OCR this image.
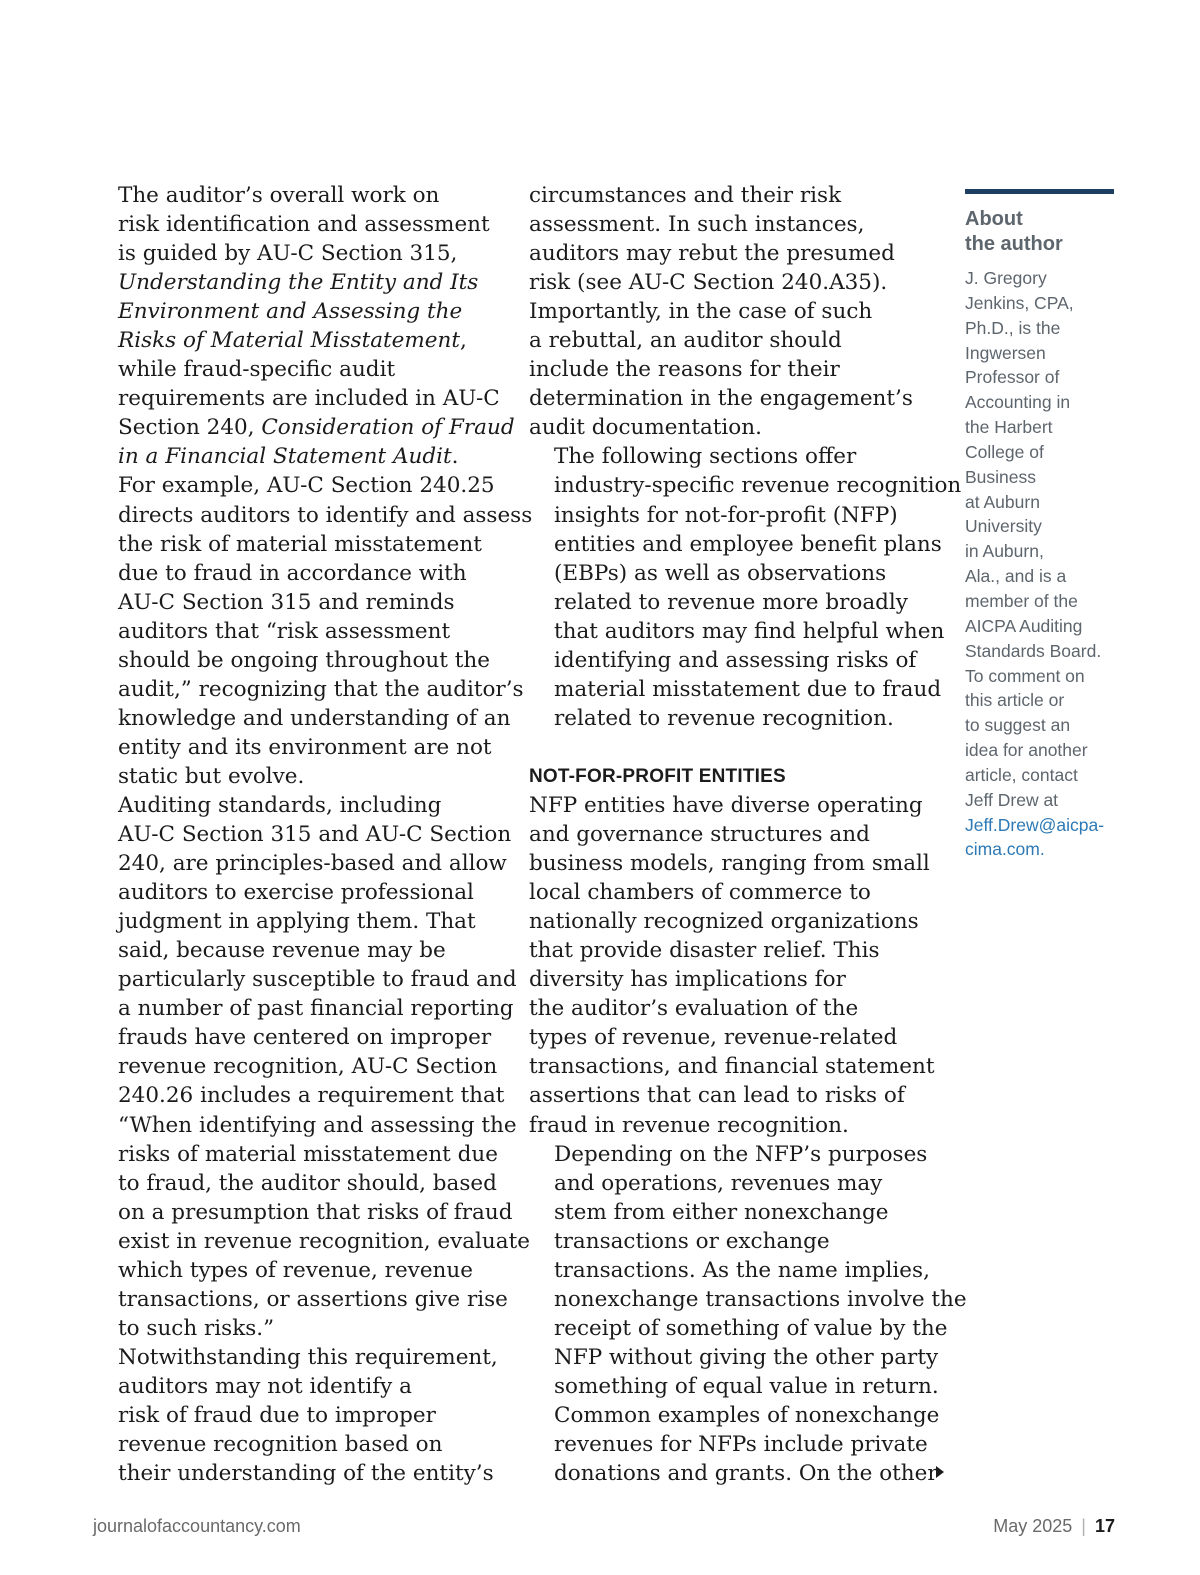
The auditor’s overall work on
risk identification and assessment
is guided by AU-C Section 315,
Understanding the Entity and Its
Environment and Assessing the
Risks of Material Misstatement,
while fraud-specific audit
requirements are included in AU-C
Section 240, Consideration of Fraud
in a Financial Statement Audit.
For example, AU-C Section 240.25
directs auditors to identify and assess
the risk of material misstatement
due to fraud in accordance with
AU-C Section 315 and reminds
auditors that “risk assessment
should be ongoing throughout the
audit,” recognizing that the auditor’s
knowledge and understanding of an
entity and its environment are not
static but evolve.

Auditing standards, including
AU-C Section 315 and AU-C Section
240, are principles-based and allow
auditors to exercise professional
judgment in applying them. That
said, because revenue may be
particularly susceptible to fraud and
a number of past financial reporting
frauds have centered on improper
revenue recognition, AU-C Section
240.26 includes a requirement that
“When identifying and assessing the
risks of material misstatement due
to fraud, the auditor should, based
on a presumption that risks of fraud
exist in revenue recognition, evaluate
which types of revenue, revenue
transactions, or assertions give rise
to such risks.”

Notwithstanding this requirement,
auditors may not identify a
risk of fraud due to improper
revenue recognition based on
their understanding of the entity’s

circumstances and their risk
assessment. In such instances,
auditors may rebut the presumed
risk (see AU-C Section 240.A35).
Importantly, in the case of such
a rebuttal, an auditor should
include the reasons for their
determination in the engagement’s
audit documentation.

The following sections offer
industry-specific revenue recognition
insights for not-for-profit (NFP)
entities and employee benefit plans
(EBPs) as well as observations
related to revenue more broadly
that auditors may find helpful when
identifying and assessing risks of
material misstatement due to fraud
related to revenue recognition.

NOT-FOR-PROFIT ENTITIES

NFP entities have diverse operating
and governance structures and
business models, ranging from small
local chambers of commerce to
nationally recognized organizations
that provide disaster relief. This
diversity has implications for
the auditor’s evaluation of the
types of revenue, revenue-related
transactions, and financial statement
assertions that can lead to risks of
fraud in revenue recognition.

Depending on the NFP’s purposes
and operations, revenues may
stem from either nonexchange
transactions or exchange
transactions. As the name implies,
nonexchange transactions involve the
receipt of something of value by the
NFP without giving the other party
something of equal value in return.
Common examples of nonexchange
revenues for NFPs include private
donations and grants. On the other

About
the author
J. Gregory
Jenkins, CPA,
Ph.D., is the
Ingwersen
Professor of
Accounting in
the Harbert
College of
Business
at Auburn
University
in Auburn,
Ala., and is a
member of the
AICPA Auditing
Standards Board.
To comment on
this article or
to suggest an
idea for another
article, contact
Jeff Drew at
Jeff.Drew@aicpa-
cima.com.
journalofaccountancy.com	May 2025 | 17
